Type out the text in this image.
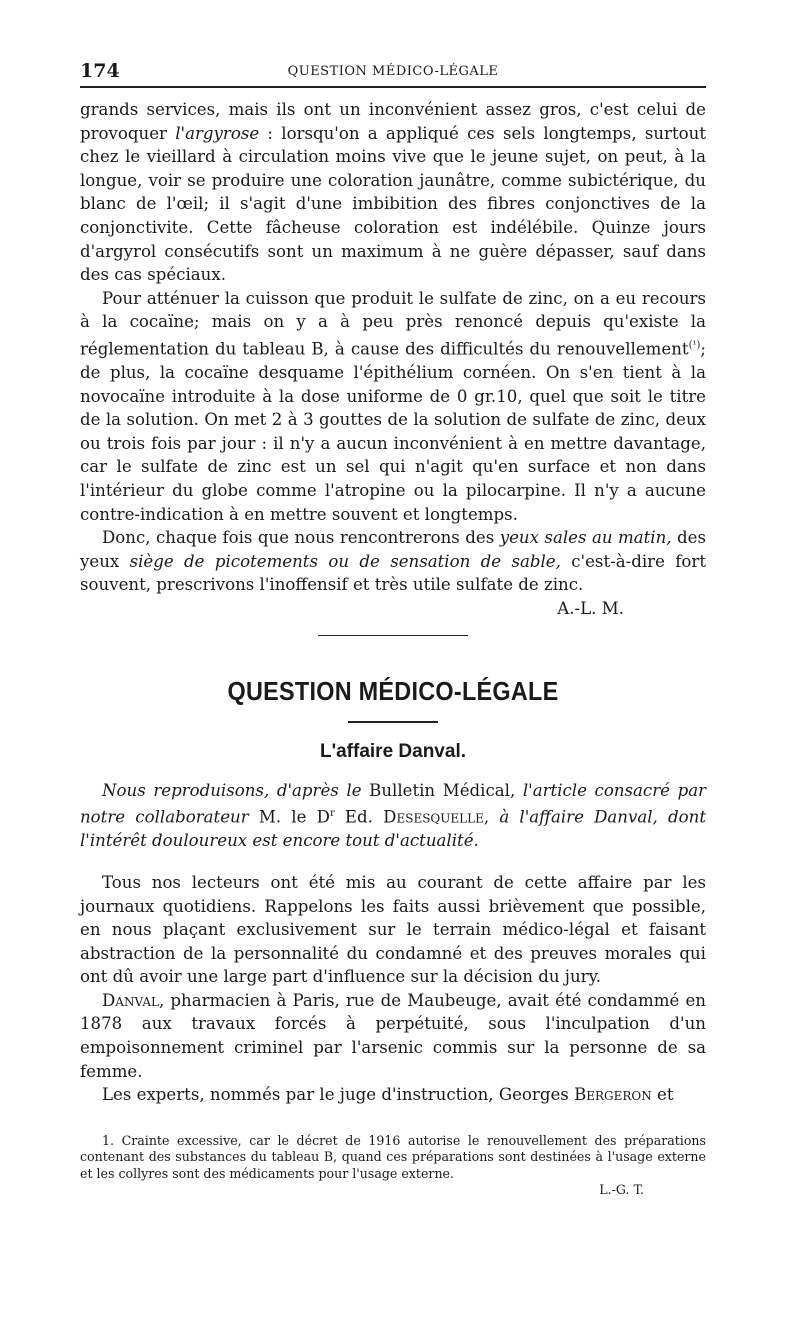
174	QUESTION MÉDICO-LÉGALE

grands services, mais ils ont un inconvénient assez gros, c'est celui de provoquer l'argyrose : lorsqu'on a appliqué ces sels longtemps, surtout chez le vieillard à circulation moins vive que le jeune sujet, on peut, à la longue, voir se produire une coloration jaunâtre, comme subictérique, du blanc de l'œil; il s'agit d'une imbibition des fibres conjonctives de la conjonctivite. Cette fâcheuse coloration est indélébile. Quinze jours d'argyrol consécutifs sont un maximum à ne guère dépasser, sauf dans des cas spéciaux.

Pour atténuer la cuisson que produit le sulfate de zinc, on a eu recours à la cocaïne; mais on y a à peu près renoncé depuis qu'existe la réglementation du tableau B, à cause des difficultés du renouvellement$^{(^1)}$; de plus, la cocaïne desquame l'épithélium cornéen. On s'en tient à la novocaïne introduite à la dose uniforme de 0 gr.10, quel que soit le titre de la solution. On met 2 à 3 gouttes de la solution de sulfate de zinc, deux ou trois fois par jour : il n'y a aucun inconvénient à en mettre davantage, car le sulfate de zinc est un sel qui n'agit qu'en surface et non dans l'intérieur du globe comme l'atropine ou la pilocarpine. Il n'y a aucune contre-indication à en mettre souvent et longtemps.

Donc, chaque fois que nous rencontrerons des yeux sales au matin, des yeux siège de picotements ou de sensation de sable, c'est-à-dire fort souvent, prescrivons l'inoffensif et très utile sulfate de zinc.

A.-L. M.

QUESTION MÉDICO-LÉGALE
L'affaire Danval.

Nous reproduisons, d'après le Bulletin Médical, l'article consacré par notre collaborateur M. le $D^r$ Ed. Desesquelle, à l'affaire Danval, dont l'intérêt douloureux est encore tout d'actualité.

Tous nos lecteurs ont été mis au courant de cette affaire par les journaux quotidiens. Rappelons les faits aussi brièvement que possible, en nous plaçant exclusivement sur le terrain médico-légal et faisant abstraction de la personnalité du condamné et des preuves morales qui ont dû avoir une large part d'influence sur la décision du jury.

Danval, pharmacien à Paris, rue de Maubeuge, avait été condammé en 1878 aux travaux forcés à perpétuité, sous l'inculpation d'un empoisonnement criminel par l'arsenic commis sur la personne de sa femme.

Les experts, nommés par le juge d'instruction, Georges Bergeron et

1. Crainte excessive, car le décret de 1916 autorise le renouvellement des préparations contenant des substances du tableau B, quand ces préparations sont destinées à l'usage externe et les collyres sont des médicaments pour l'usage externe.

L.-G. T.
